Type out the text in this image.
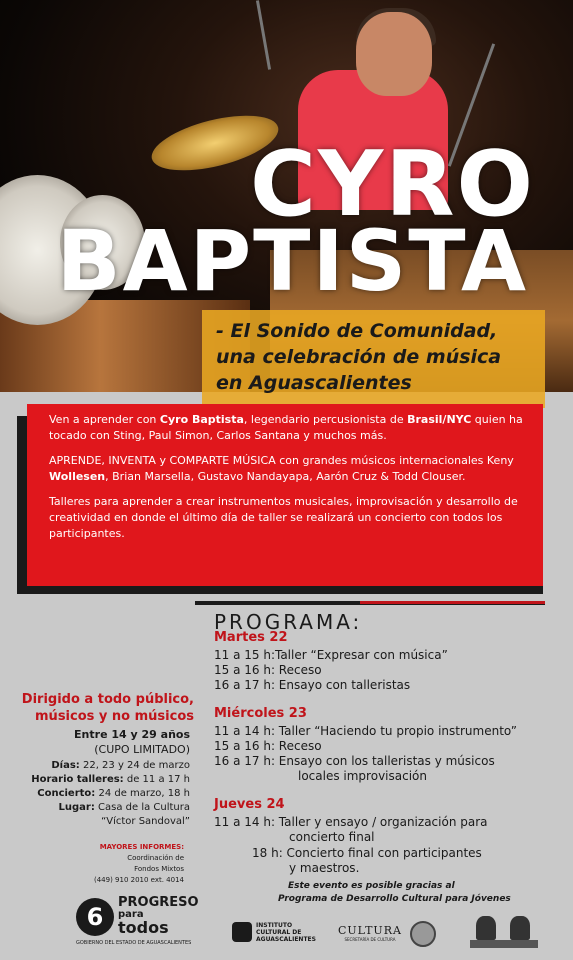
CYRO
BAPTISTA

- El Sonido de Comunidad,

una celebración de música

en Aguascalientes

Ven a aprender con Cyro Baptista, legendario percusionista de Brasil/NYC quien ha tocado con Sting, Paul Simon, Carlos Santana y muchos más.

APRENDE, INVENTA y COMPARTE MÚSICA con grandes músicos internacionales Keny Wollesen, Brian Marsella, Gustavo Nandayapa, Aarón Cruz & Todd Clouser.

Talleres para aprender a crear instrumentos musicales, improvisación y desarrollo de creatividad en donde el último día de taller se realizará un concierto con todos los participantes.

PROGRAMA:
Martes 22
11 a 15 h:Taller “Expresar con música”
15 a 16 h: Receso
16 a 17 h: Ensayo con talleristas
Miércoles 23
11 a 14 h: Taller “Haciendo tu propio instrumento”
15 a 16 h: Receso
16 a 17 h: Ensayo con los talleristas y músicos
locales improvisación
Jueves 24
11 a 14 h: Taller y ensayo / organización para
concierto final
18 h: Concierto final con participantes
y maestros.
Este evento es posible gracias al
Programa de Desarrollo Cultural para Jóvenes
Dirigido a todo público,
músicos y no músicos
Entre 14 y 29 años
(CUPO LIMITADO)
Días: 22, 23 y 24 de marzo
Horario talleres: de 11 a 17 h
Concierto: 24 de marzo, 18 h
Lugar: Casa de la Cultura
“Víctor Sandoval”
MAYORES INFORMES:
Coordinación de
Fondos Mixtos
(449) 910 2010 ext. 4014
6
PROGRESO
para
todos
GOBIERNO DEL ESTADO DE AGUASCALIENTES
INSTITUTO
CULTURAL DE
AGUASCALIENTES
CULTURA
SECRETARÍA DE CULTURA
